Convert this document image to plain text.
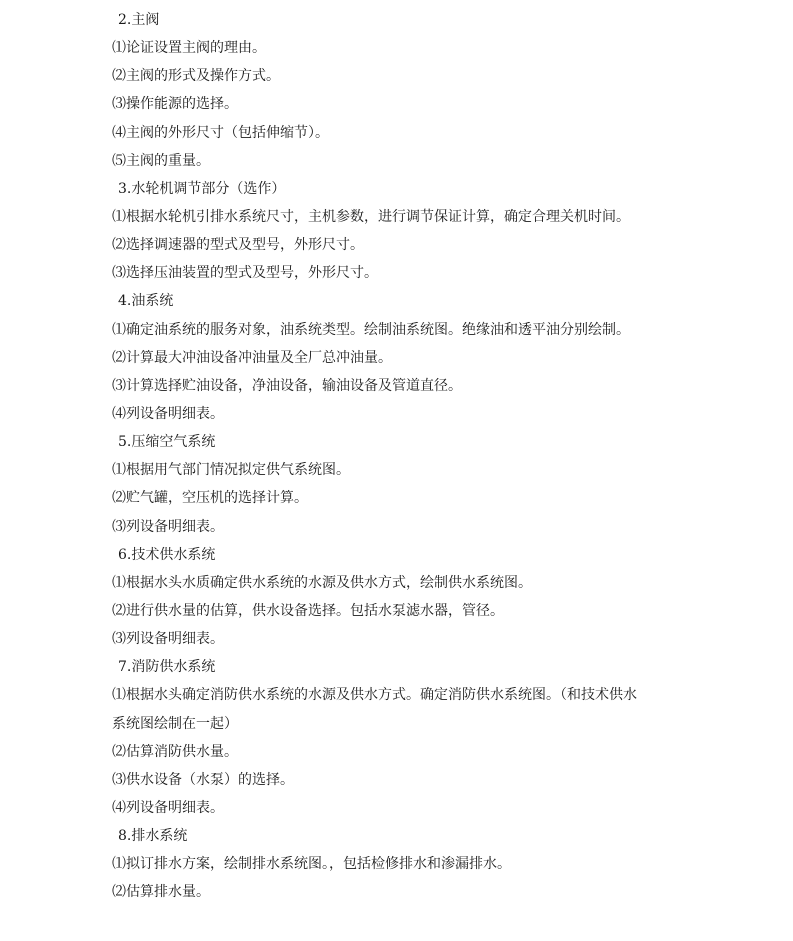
2.主阀
⑴论证设置主阀的理由。
⑵主阀的形式及操作方式。
⑶操作能源的选择。
⑷主阀的外形尺寸（包括伸缩节）。
⑸主阀的重量。
3.水轮机调节部分（选作）
⑴根据水轮机引排水系统尺寸，主机参数，进行调节保证计算，确定合理关机时间。
⑵选择调速器的型式及型号，外形尺寸。
⑶选择压油装置的型式及型号，外形尺寸。
4.油系统
⑴确定油系统的服务对象，油系统类型。绘制油系统图。绝缘油和透平油分别绘制。
⑵计算最大冲油设备冲油量及全厂总冲油量。
⑶计算选择贮油设备，净油设备，输油设备及管道直径。
⑷列设备明细表。
5.压缩空气系统
⑴根据用气部门情况拟定供气系统图。
⑵贮气罐，空压机的选择计算。
⑶列设备明细表。
6.技术供水系统
⑴根据水头水质确定供水系统的水源及供水方式，绘制供水系统图。
⑵进行供水量的估算，供水设备选择。包括水泵滤水器，管径。
⑶列设备明细表。
7.消防供水系统
⑴根据水头确定消防供水系统的水源及供水方式。确定消防供水系统图。（和技术供水
系统图绘制在一起）
⑵估算消防供水量。
⑶供水设备（水泵）的选择。
⑷列设备明细表。
8.排水系统
⑴拟订排水方案，绘制排水系统图。，包括检修排水和渗漏排水。
⑵估算排水量。
